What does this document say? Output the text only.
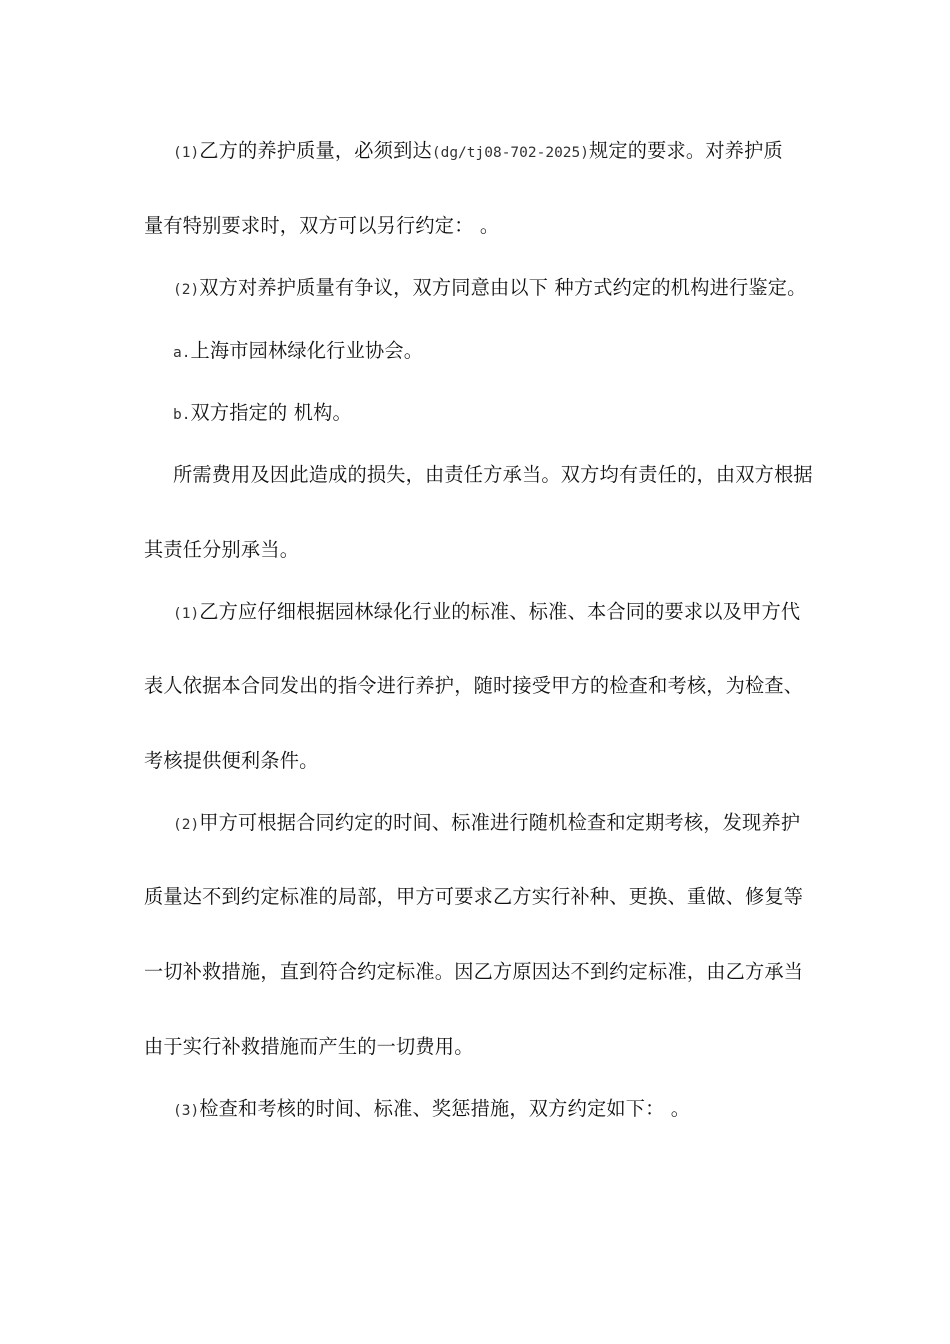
(1)乙方的养护质量，必须到达(dg/tj08-702-2025)规定的要求。对养护质
量有特别要求时，双方可以另行约定： 。
(2)双方对养护质量有争议，双方同意由以下 种方式约定的机构进行鉴定。
a.上海市园林绿化行业协会。
b.双方指定的 机构。
所需费用及因此造成的损失，由责任方承当。双方均有责任的，由双方根据
其责任分别承当。
(1)乙方应仔细根据园林绿化行业的标准、标准、本合同的要求以及甲方代
表人依据本合同发出的指令进行养护，随时接受甲方的检查和考核，为检查、
考核提供便利条件。
(2)甲方可根据合同约定的时间、标准进行随机检查和定期考核，发现养护
质量达不到约定标准的局部，甲方可要求乙方实行补种、更换、重做、修复等
一切补救措施，直到符合约定标准。因乙方原因达不到约定标准，由乙方承当
由于实行补救措施而产生的一切费用。
(3)检查和考核的时间、标准、奖惩措施，双方约定如下： 。
